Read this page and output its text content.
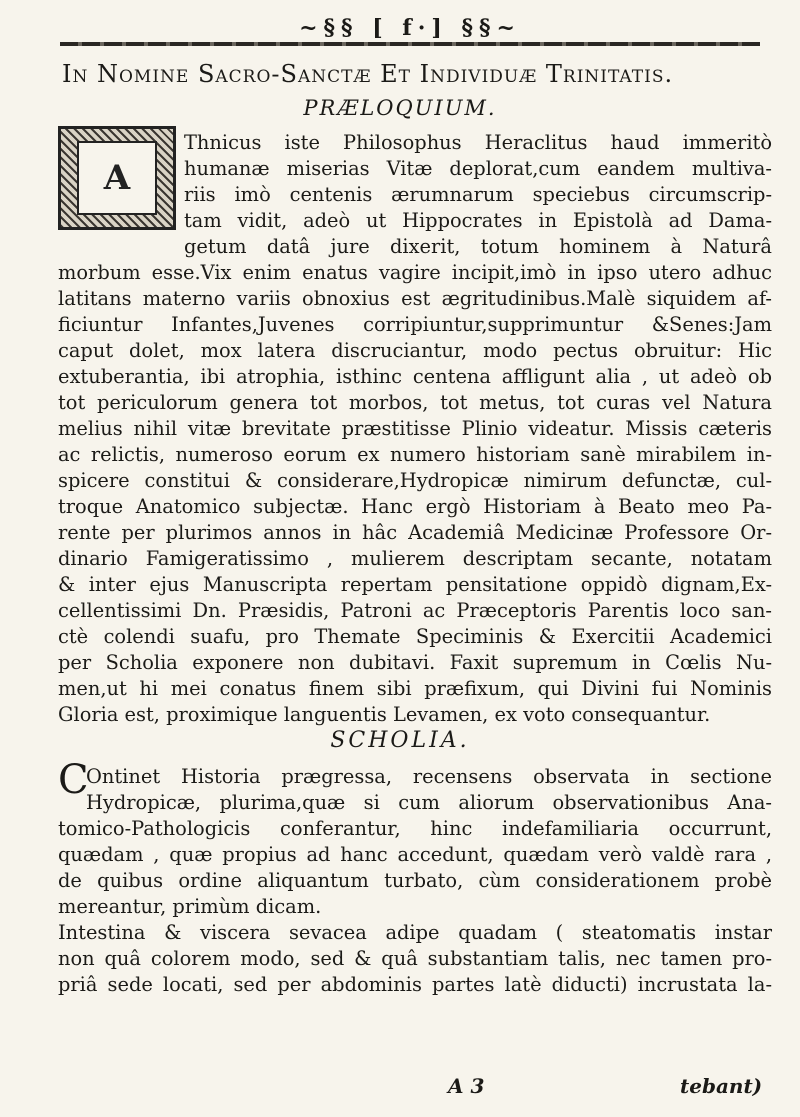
~§§ [ f·] §§~
In Nomine Sacro-Sanctæ Et Individuæ Trinitatis.
PRÆLOQUIUM.
A
Thnicus iste Philosophus Heraclitus haud immeritò
humanæ miserias Vitæ deplorat,cum eandem multiva-
riis imò centenis ærumnarum speciebus circumscrip-
tam vidit, adeò ut Hippocrates in Epistolà ad Dama-
getum datâ jure dixerit, totum hominem à Naturâ
morbum esse.Vix enim enatus vagire incipit,imò in ipso utero adhuc
latitans materno variis obnoxius est ægritudinibus.Malè siquidem af-
ficiuntur Infantes,Juvenes corripiuntur,supprimuntur &Senes:Jam
caput dolet, mox latera discruciantur, modo pectus obruitur: Hic
extuberantia, ibi atrophia, isthinc centena affligunt alia , ut adeò ob
tot periculorum genera tot morbos, tot metus, tot curas vel Natura
melius nihil vitæ brevitate præstitisse Plinio videatur. Missis cæteris
ac relictis, numeroso eorum ex numero historiam sanè mirabilem in-
spicere constitui & considerare,Hydropicæ nimirum defunctæ, cul-
troque Anatomico subjectæ. Hanc ergò Historiam à Beato meo Pa-
rente per plurimos annos in hâc Academiâ Medicinæ Professore Or-
dinario Famigeratissimo , mulierem descriptam secante, notatam
& inter ejus Manuscripta repertam pensitatione oppidò dignam,Ex-
cellentissimi Dn. Præsidis, Patroni ac Præceptoris Parentis loco san-
ctè colendi suafu, pro Themate Speciminis & Exercitii Academici
per Scholia exponere non dubitavi. Faxit supremum in Cœlis Nu-
men,ut hi mei conatus finem sibi præfixum, qui Divini fui Nominis
Gloria est, proximique languentis Levamen, ex voto consequantur.
SCHOLIA.
C
Ontinet Historia prægressa, recensens observata in sectione
Hydropicæ, plurima,quæ si cum aliorum observationibus Ana-
tomico-Pathologicis conferantur, hinc indefamiliaria occurrunt,
quædam , quæ propius ad hanc accedunt, quædam verò valdè rara ,
de quibus ordine aliquantum turbato, cùm considerationem probè
mereantur, primùm dicam.
Intestina & viscera sevacea adipe quadam ( steatomatis instar
non quâ colorem modo, sed & quâ substantiam talis, nec tamen pro-
priâ sede locati, sed per abdominis partes latè diducti) incrustata la-
A 3	tebant)
